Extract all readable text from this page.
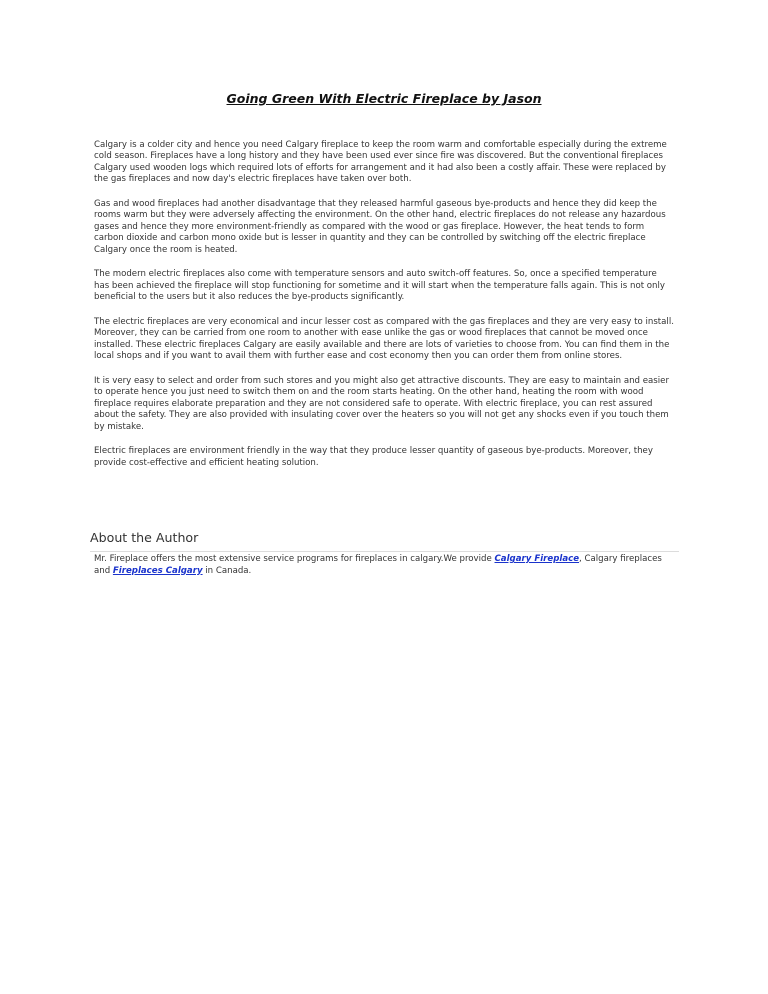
Going Green With Electric Fireplace by Jason

Calgary is a colder city and hence you need Calgary fireplace to keep the room warm and comfortable especially during the extreme cold season. Fireplaces have a long history and they have been used ever since fire was discovered. But the conventional fireplaces Calgary used wooden logs which required lots of efforts for arrangement and it had also been a costly affair. These were replaced by the gas fireplaces and now day's electric fireplaces have taken over both.

Gas and wood fireplaces had another disadvantage that they released harmful gaseous bye-products and hence they did keep the rooms warm but they were adversely affecting the environment. On the other hand, electric fireplaces do not release any hazardous gases and hence they more environment-friendly as compared with the wood or gas fireplace. However, the heat tends to form carbon dioxide and carbon mono oxide but is lesser in quantity and they can be controlled by switching off the electric fireplace Calgary once the room is heated.

The modern electric fireplaces also come with temperature sensors and auto switch-off features. So, once a specified temperature has been achieved the fireplace will stop functioning for sometime and it will start when the temperature falls again. This is not only beneficial to the users but it also reduces the bye-products significantly.

The electric fireplaces are very economical and incur lesser cost as compared with the gas fireplaces and they are very easy to install. Moreover, they can be carried from one room to another with ease unlike the gas or wood fireplaces that cannot be moved once installed. These electric fireplaces Calgary are easily available and there are lots of varieties to choose from. You can find them in the local shops and if you want to avail them with further ease and cost economy then you can order them from online stores.

It is very easy to select and order from such stores and you might also get attractive discounts. They are easy to maintain and easier to operate hence you just need to switch them on and the room starts heating. On the other hand, heating the room with wood fireplace requires elaborate preparation and they are not considered safe to operate. With electric fireplace, you can rest assured about the safety. They are also provided with insulating cover over the heaters so you will not get any shocks even if you touch them by mistake.

Electric fireplaces are environment friendly in the way that they produce lesser quantity of gaseous bye-products. Moreover, they provide cost-effective and efficient heating solution.

About the Author

Mr. Fireplace offers the most extensive service programs for fireplaces in calgary.We provide Calgary Fireplace, Calgary fireplaces and Fireplaces Calgary in Canada.
